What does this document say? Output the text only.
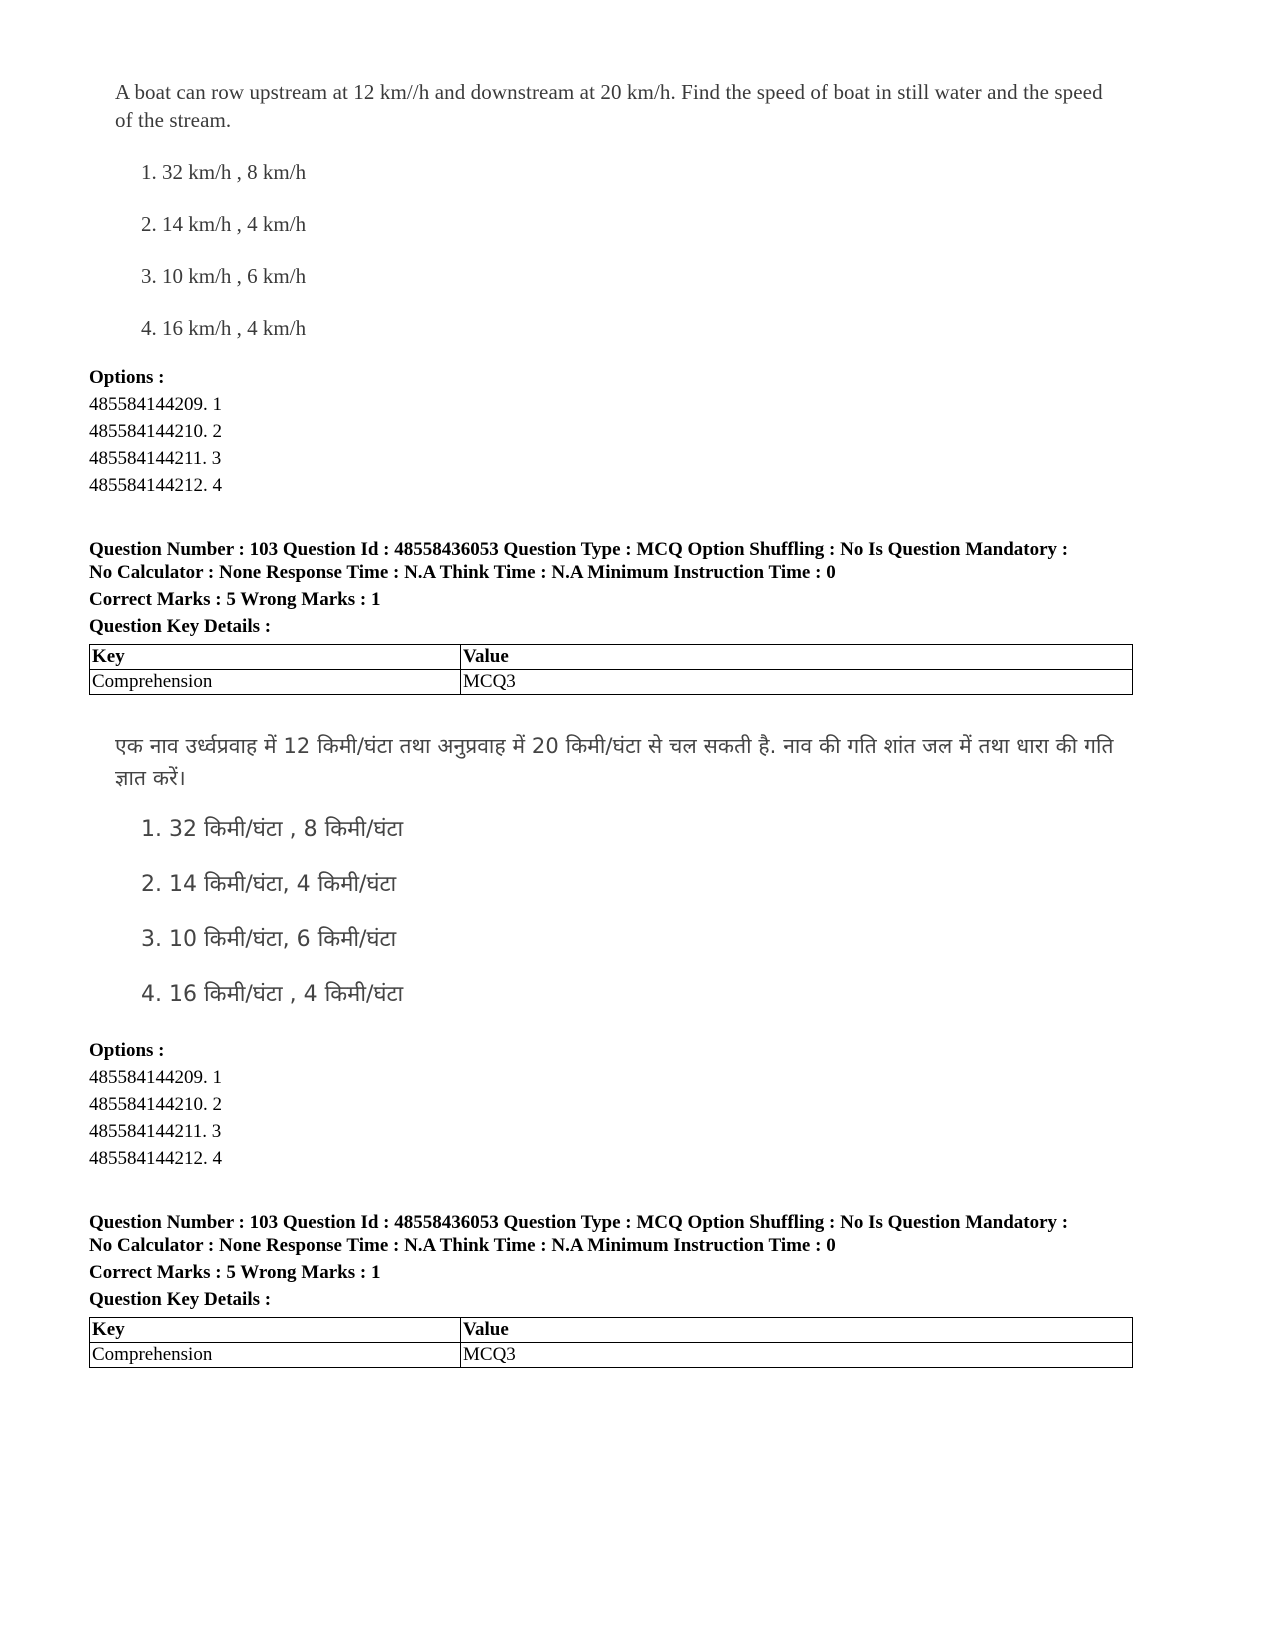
A boat can row upstream at 12 km//h and downstream at 20 km/h. Find the speed of boat in still water and the speed of the stream.
1. 32 km/h , 8 km/h
2. 14 km/h , 4 km/h
3. 10 km/h , 6 km/h
4. 16 km/h , 4 km/h
Options :
485584144209. 1
485584144210. 2
485584144211. 3
485584144212. 4
Question Number : 103 Question Id : 48558436053 Question Type : MCQ Option Shuffling : No Is Question Mandatory :
No Calculator : None Response Time : N.A Think Time : N.A Minimum Instruction Time : 0
Correct Marks : 5 Wrong Marks : 1
Question Key Details :
Key	Value
Comprehension	MCQ3
एक नाव उर्ध्वप्रवाह में 12 किमी/घंटा तथा अनुप्रवाह में 20 किमी/घंटा से चल सकती है. नाव की गति शांत जल में तथा धारा की गति ज्ञात करें।
1. 32 किमी/घंटा , 8 किमी/घंटा
2. 14 किमी/घंटा, 4 किमी/घंटा
3. 10 किमी/घंटा, 6 किमी/घंटा
4. 16 किमी/घंटा , 4 किमी/घंटा
Options :
485584144209. 1
485584144210. 2
485584144211. 3
485584144212. 4
Question Number : 103 Question Id : 48558436053 Question Type : MCQ Option Shuffling : No Is Question Mandatory :
No Calculator : None Response Time : N.A Think Time : N.A Minimum Instruction Time : 0
Correct Marks : 5 Wrong Marks : 1
Question Key Details :
Key	Value
Comprehension	MCQ3
